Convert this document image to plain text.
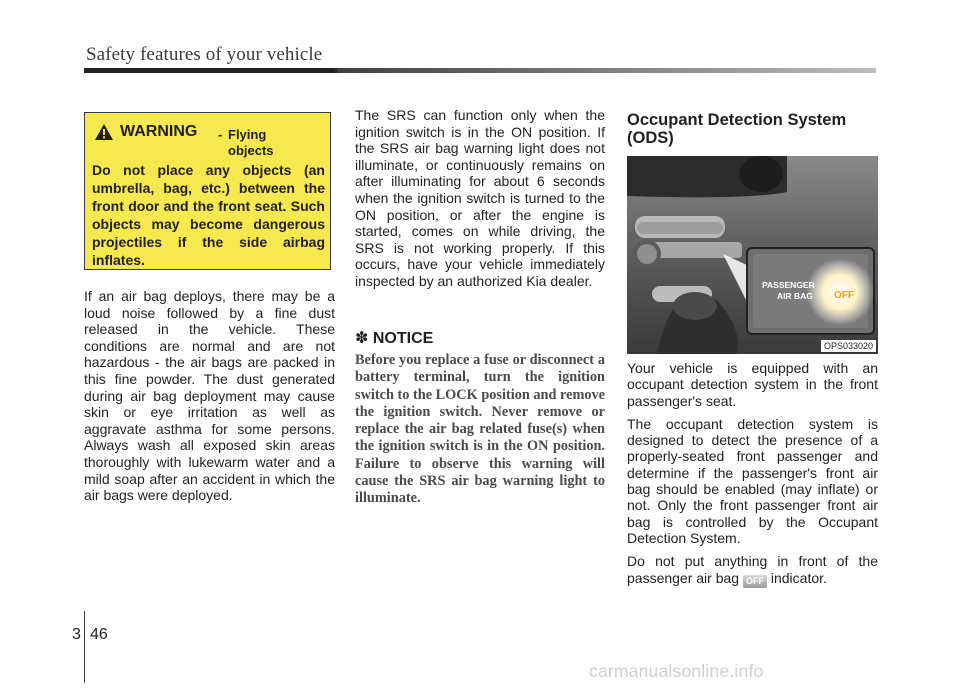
Safety features of your vehicle
WARNING - Flying objects
Do not place any objects (an umbrella, bag, etc.) between the front door and the front seat. Such objects may become dangerous projectiles if the side airbag inflates.
If an air bag deploys, there may be a loud noise followed by a fine dust released in the vehicle. These conditions are normal and are not hazardous - the air bags are packed in this fine powder. The dust generated during air bag deployment may cause skin or eye irritation as well as aggravate asthma for some persons. Always wash all exposed skin areas thoroughly with lukewarm water and a mild soap after an accident in which the air bags were deployed.
The SRS can function only when the ignition switch is in the ON position. If the SRS air bag warning light does not illuminate, or continuously remains on after illuminating for about 6 seconds when the ignition switch is turned to the ON position, or after the engine is started, comes on while driving, the SRS is not working properly. If this occurs, have your vehicle immediately inspected by an authorized Kia dealer.
✽ NOTICE
Before you replace a fuse or disconnect a battery terminal, turn the ignition switch to the LOCK position and remove the ignition switch. Never remove or replace the air bag related fuse(s) when the ignition switch is in the ON position. Failure to observe this warning will cause the SRS air bag warning light to illuminate.
Occupant Detection System (ODS)
PASSENGER
AIR BAG OFF
OPS033020

Your vehicle is equipped with an occupant detection system in the front passenger's seat.

The occupant detection system is designed to detect the presence of a properly-seated front passenger and determine if the passenger's front air bag should be enabled (may inflate) or not. Only the front passenger front air bag is controlled by the Occupant Detection System.

Do not put anything in front of the passenger air bag OFF indicator.

3 46
carmanualsonline.info
